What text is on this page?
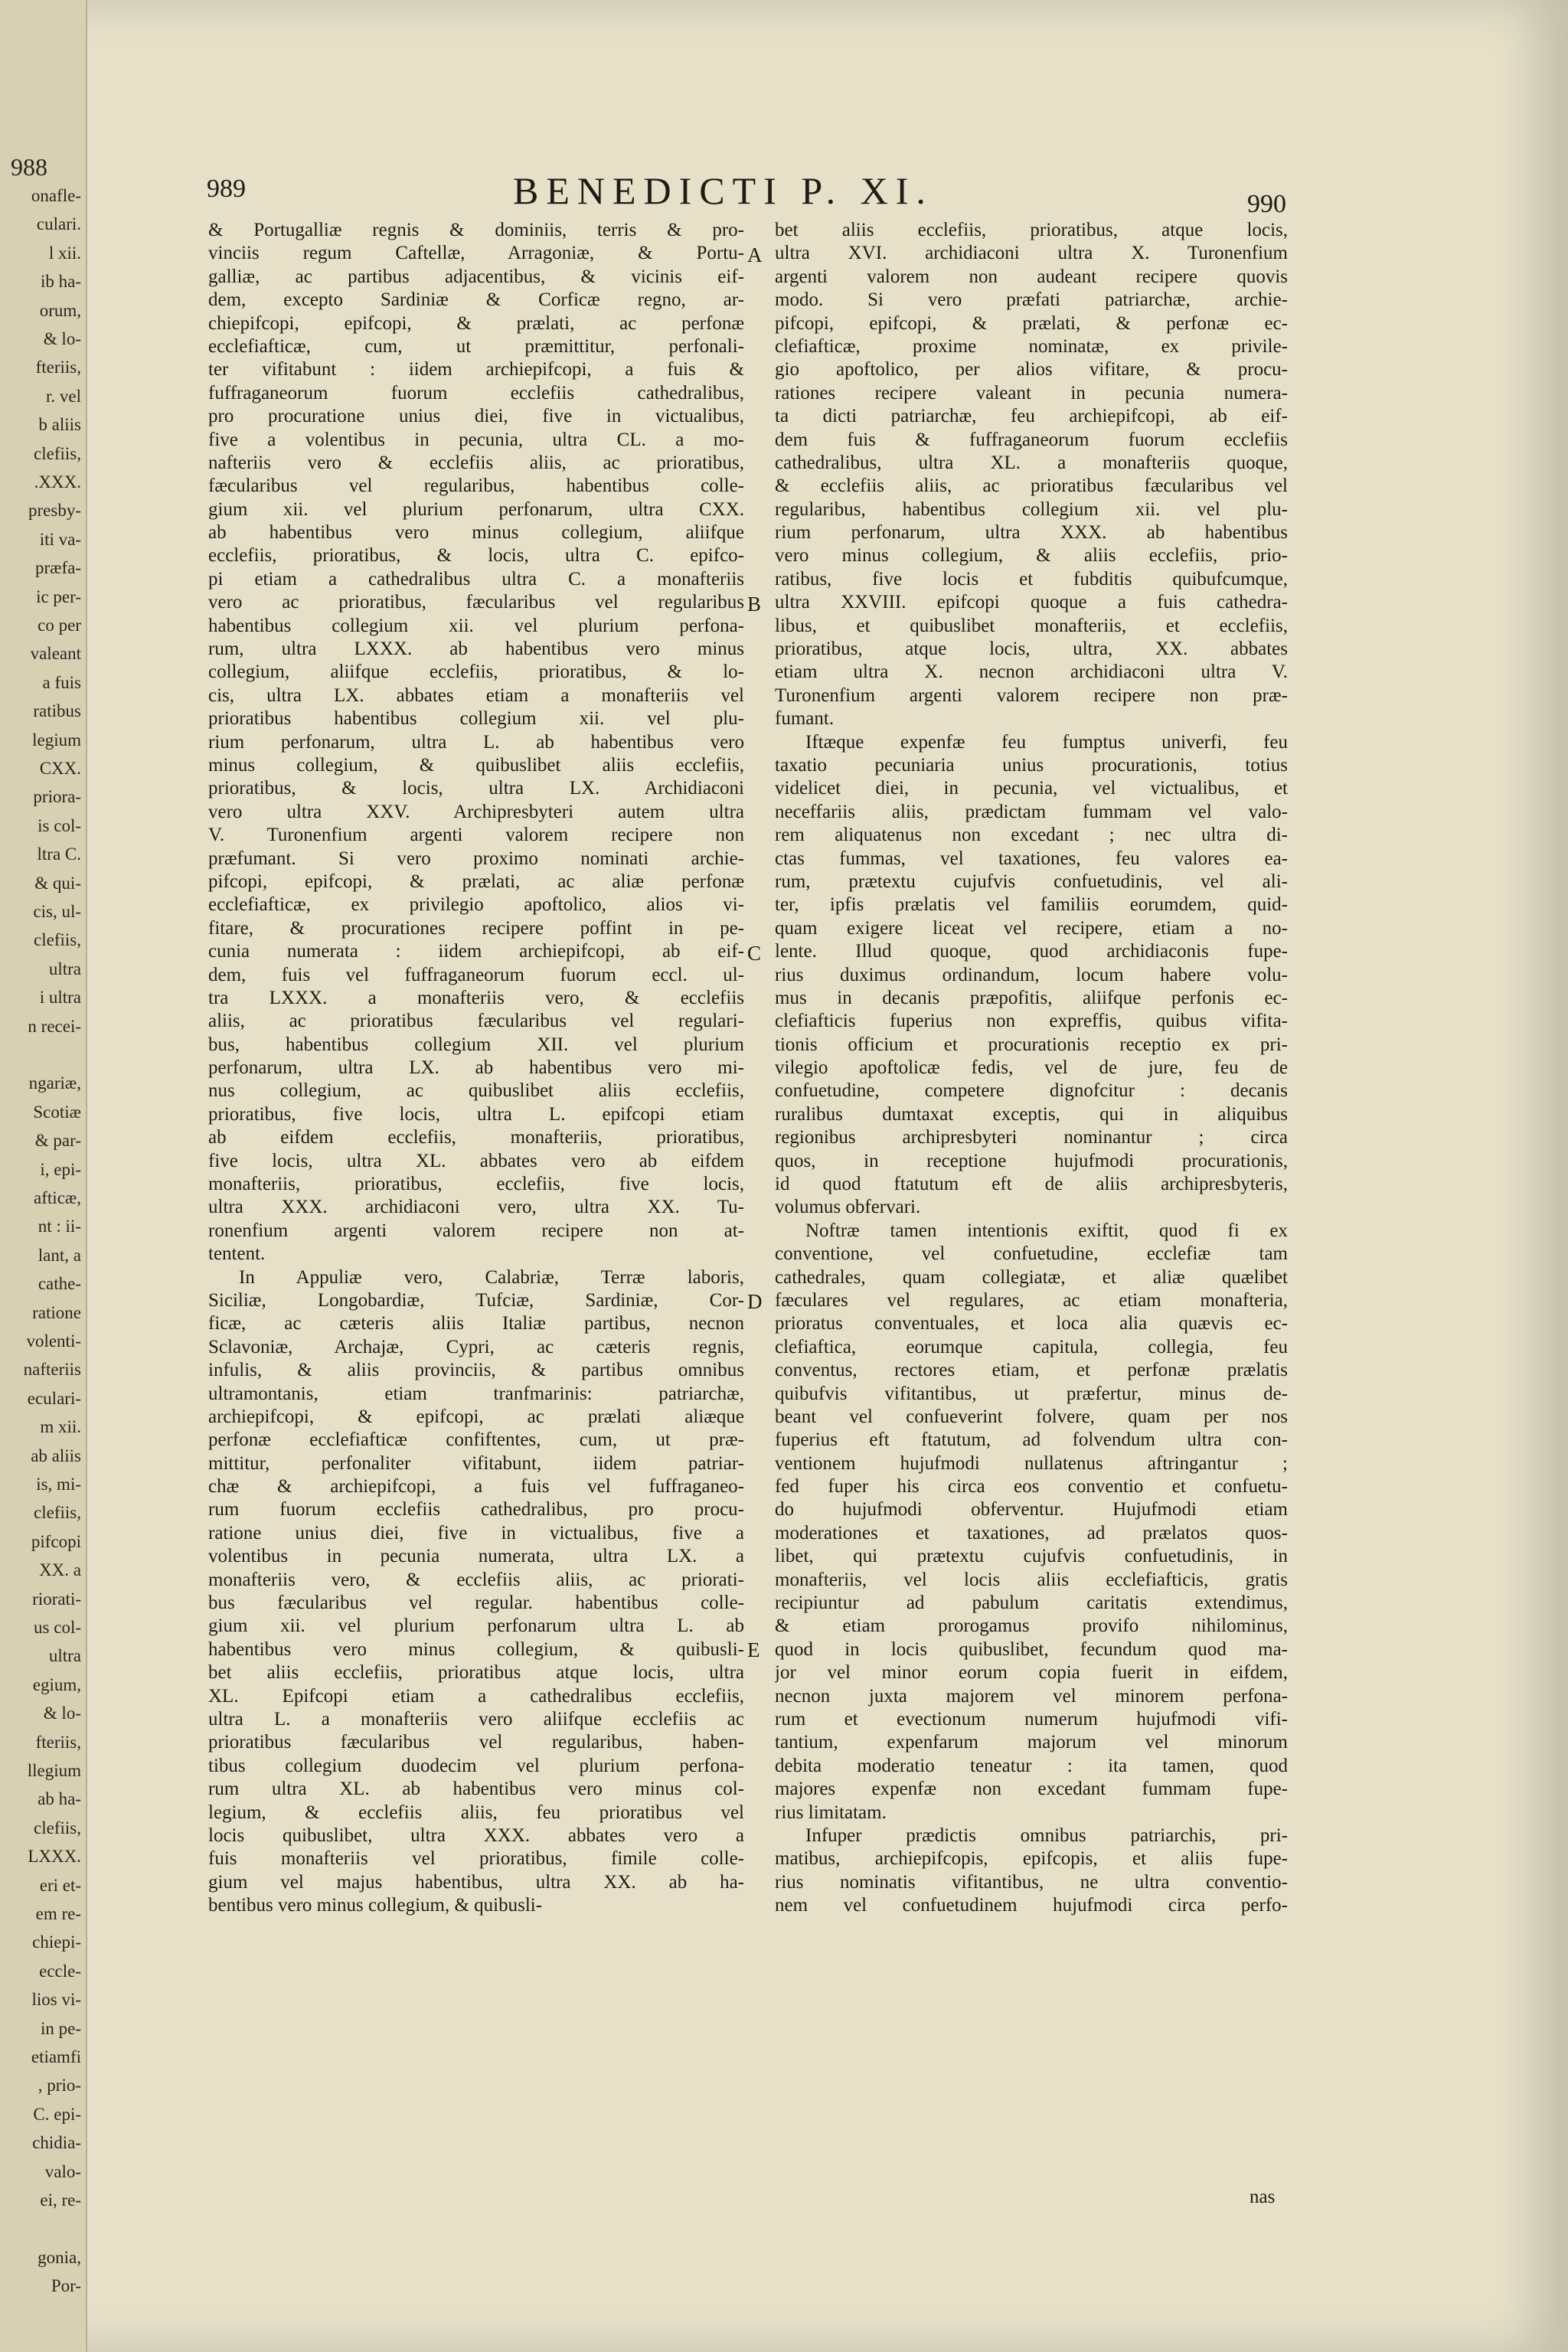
988
onafle-
culari.
l xii.
ib ha-
orum,
& lo-
fteriis,
r. vel
b aliis
clefiis,
.XXX.
presby-
iti va-
præfa-
ic per-
co per
valeant
a fuis
ratibus
legium
CXX.
priora-
is col-
ltra C.
& qui-
cis, ul-
clefiis,
ultra
i ultra
n recei-
ngariæ,
Scotiæ
& par-
i, epi-
afticæ,
nt : ii-
lant, a
cathe-
ratione
volenti-
nafteriis
eculari-
m xii.
ab aliis
is, mi-
clefiis,
pifcopi
XX. a
riorati-
us col-
ultra
egium,
& lo-
fteriis,
llegium
ab ha-
clefiis,
LXXX.
eri et-
em re-
chiepi-
eccle-
lios vi-
in pe-
etiamfi
, prio-
C. epi-
chidia-
valo-
ei, re-
gonia,
Por-
989	BENEDICTI P. XI.	990
& Portugalliæ regnis & dominiis, terris & pro-
vinciis regum Caftellæ, Arragoniæ, & Portu-
galliæ, ac partibus adjacentibus, & vicinis eif-
dem, excepto Sardiniæ & Corficæ regno, ar-
chiepifcopi, epifcopi, & prælati, ac perfonæ
ecclefiafticæ, cum, ut præmittitur, perfonali-
ter vifitabunt : iidem archiepifcopi, a fuis &
fuffraganeorum fuorum ecclefiis cathedralibus,
pro procuratione unius diei, five in victualibus,
five a volentibus in pecunia, ultra CL. a mo-
nafteriis vero & ecclefiis aliis, ac prioratibus,
fæcularibus vel regularibus, habentibus colle-
gium xii. vel plurium perfonarum, ultra CXX.
ab habentibus vero minus collegium, aliifque
ecclefiis, prioratibus, & locis, ultra C. epifco-
pi etiam a cathedralibus ultra C. a monafteriis
vero ac prioratibus, fæcularibus vel regularibus
habentibus collegium xii. vel plurium perfona-
rum, ultra LXXX. ab habentibus vero minus
collegium, aliifque ecclefiis, prioratibus, & lo-
cis, ultra LX. abbates etiam a monafteriis vel
prioratibus habentibus collegium xii. vel plu-
rium perfonarum, ultra L. ab habentibus vero
minus collegium, & quibuslibet aliis ecclefiis,
prioratibus, & locis, ultra LX. Archidiaconi
vero ultra XXV. Archipresbyteri autem ultra
V. Turonenfium argenti valorem recipere non
præfumant. Si vero proximo nominati archie-
pifcopi, epifcopi, & prælati, ac aliæ perfonæ
ecclefiafticæ, ex privilegio apoftolico, alios vi-
fitare, & procurationes recipere poffint in pe-
cunia numerata : iidem archiepifcopi, ab eif-
dem, fuis vel fuffraganeorum fuorum eccl. ul-
tra LXXX. a monafteriis vero, & ecclefiis
aliis, ac prioratibus fæcularibus vel regulari-
bus, habentibus collegium XII. vel plurium
perfonarum, ultra LX. ab habentibus vero mi-
nus collegium, ac quibuslibet aliis ecclefiis,
prioratibus, five locis, ultra L. epifcopi etiam
ab eifdem ecclefiis, monafteriis, prioratibus,
five locis, ultra XL. abbates vero ab eifdem
monafteriis, prioratibus, ecclefiis, five locis,
ultra XXX. archidiaconi vero, ultra XX. Tu-
ronenfium argenti valorem recipere non at-
tentent.
In Appuliæ vero, Calabriæ, Terræ laboris,
Siciliæ, Longobardiæ, Tufciæ, Sardiniæ, Cor-
ficæ, ac cæteris aliis Italiæ partibus, necnon
Sclavoniæ, Archajæ, Cypri, ac cæteris regnis,
infulis, & aliis provinciis, & partibus omnibus
ultramontanis, etiam tranfmarinis: patriarchæ,
archiepifcopi, & epifcopi, ac prælati aliæque
perfonæ ecclefiafticæ confiftentes, cum, ut præ-
mittitur, perfonaliter vifitabunt, iidem patriar-
chæ & archiepifcopi, a fuis vel fuffraganeo-
rum fuorum ecclefiis cathedralibus, pro procu-
ratione unius diei, five in victualibus, five a
volentibus in pecunia numerata, ultra LX. a
monafteriis vero, & ecclefiis aliis, ac priorati-
bus fæcularibus vel regular. habentibus colle-
gium xii. vel plurium perfonarum ultra L. ab
habentibus vero minus collegium, & quibusli-
bet aliis ecclefiis, prioratibus atque locis, ultra
XL. Epifcopi etiam a cathedralibus ecclefiis,
ultra L. a monafteriis vero aliifque ecclefiis ac
prioratibus fæcularibus vel regularibus, haben-
tibus collegium duodecim vel plurium perfona-
rum ultra XL. ab habentibus vero minus col-
legium, & ecclefiis aliis, feu prioratibus vel
locis quibuslibet, ultra XXX. abbates vero a
fuis monafteriis vel prioratibus, fimile colle-
gium vel majus habentibus, ultra XX. ab ha-
bentibus vero minus collegium, & quibusli-
bet aliis ecclefiis, prioratibus, atque locis,
ultra XVI. archidiaconi ultra X. Turonenfium
argenti valorem non audeant recipere quovis
modo. Si vero præfati patriarchæ, archie-
pifcopi, epifcopi, & prælati, & perfonæ ec-
clefiafticæ, proxime nominatæ, ex privile-
gio apoftolico, per alios vifitare, & procu-
rationes recipere valeant in pecunia numera-
ta dicti patriarchæ, feu archiepifcopi, ab eif-
dem fuis & fuffraganeorum fuorum ecclefiis
cathedralibus, ultra XL. a monafteriis quoque,
& ecclefiis aliis, ac prioratibus fæcularibus vel
regularibus, habentibus collegium xii. vel plu-
rium perfonarum, ultra XXX. ab habentibus
vero minus collegium, & aliis ecclefiis, prio-
ratibus, five locis et fubditis quibufcumque,
ultra XXVIII. epifcopi quoque a fuis cathedra-
libus, et quibuslibet monafteriis, et ecclefiis,
prioratibus, atque locis, ultra, XX. abbates
etiam ultra X. necnon archidiaconi ultra V.
Turonenfium argenti valorem recipere non præ-
fumant.
Iftæque expenfæ feu fumptus univerfi, feu
taxatio pecuniaria unius procurationis, totius
videlicet diei, in pecunia, vel victualibus, et
neceffariis aliis, prædictam fummam vel valo-
rem aliquatenus non excedant ; nec ultra di-
ctas fummas, vel taxationes, feu valores ea-
rum, prætextu cujufvis confuetudinis, vel ali-
ter, ipfis prælatis vel familiis eorumdem, quid-
quam exigere liceat vel recipere, etiam a no-
lente. Illud quoque, quod archidiaconis fupe-
rius duximus ordinandum, locum habere volu-
mus in decanis præpofitis, aliifque perfonis ec-
clefiafticis fuperius non expreffis, quibus vifita-
tionis officium et procurationis receptio ex pri-
vilegio apoftolicæ fedis, vel de jure, feu de
confuetudine, competere dignofcitur : decanis
ruralibus dumtaxat exceptis, qui in aliquibus
regionibus archipresbyteri nominantur ; circa
quos, in receptione hujufmodi procurationis,
id quod ftatutum eft de aliis archipresbyteris,
volumus obfervari.
Noftræ tamen intentionis exiftit, quod fi ex
conventione, vel confuetudine, ecclefiæ tam
cathedrales, quam collegiatæ, et aliæ quælibet
fæculares vel regulares, ac etiam monafteria,
prioratus conventuales, et loca alia quævis ec-
clefiaftica, eorumque capitula, collegia, feu
conventus, rectores etiam, et perfonæ prælatis
quibufvis vifitantibus, ut præfertur, minus de-
beant vel confueverint folvere, quam per nos
fuperius eft ftatutum, ad folvendum ultra con-
ventionem hujufmodi nullatenus aftringantur ;
fed fuper his circa eos conventio et confuetu-
do hujufmodi obferventur. Hujufmodi etiam
moderationes et taxationes, ad prælatos quos-
libet, qui prætextu cujufvis confuetudinis, in
monafteriis, vel locis aliis ecclefiafticis, gratis
recipiuntur ad pabulum caritatis extendimus,
& etiam prorogamus provifo nihilominus,
quod in locis quibuslibet, fecundum quod ma-
jor vel minor eorum copia fuerit in eifdem,
necnon juxta majorem vel minorem perfona-
rum et evectionum numerum hujufmodi vifi-
tantium, expenfarum majorum vel minorum
debita moderatio teneatur : ita tamen, quod
majores expenfæ non excedant fummam fupe-
rius limitatam.
Infuper prædictis omnibus patriarchis, pri-
matibus, archiepifcopis, epifcopis, et aliis fupe-
rius nominatis vifitantibus, ne ultra conventio-
nem vel confuetudinem hujufmodi circa perfo-
A
B
C
D
E
nas
